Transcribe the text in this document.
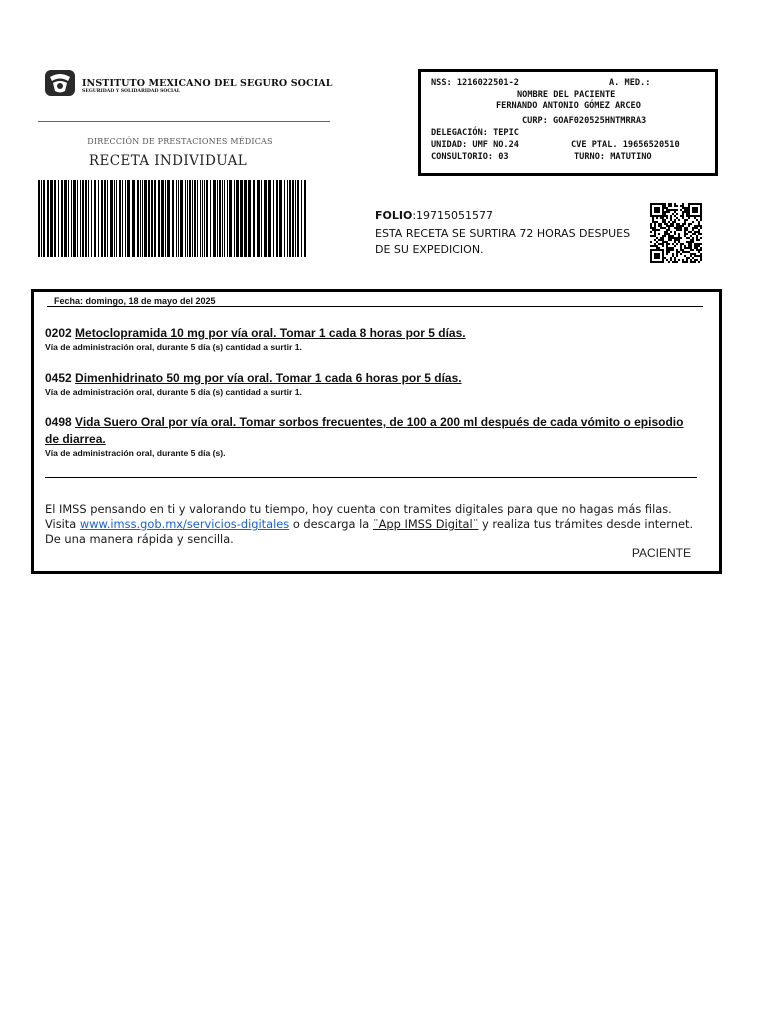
INSTITUTO MEXICANO DEL SEGURO SOCIAL
SEGURIDAD Y SOLIDARIDAD SOCIAL
DIRECCIÓN DE PRESTACIONES MÉDICAS
RECETA INDIVIDUAL
NSS: 1216022501-2	A. MED.:
NOMBRE DEL PACIENTE
FERNANDO ANTONIO GÓMEZ ARCEO
CURP: GOAF020525HNTMRRA3
DELEGACIÓN: TEPIC
UNIDAD: UMF NO.24	CVE PTAL. 19656520510
CONSULTORIO: 03	TURNO: MATUTINO
FOLIO:19715051577
ESTA RECETA SE SURTIRA 72 HORAS DESPUES DE SU EXPEDICION.
Fecha: domingo, 18 de mayo del 2025
0202 Metoclopramida 10 mg por vía oral. Tomar 1 cada 8 horas por 5 días.
Vía de administración oral, durante 5 día (s) cantidad a surtir 1.
0452 Dimenhidrinato 50 mg por vía oral. Tomar 1 cada 6 horas por 5 días.
Vía de administración oral, durante 5 día (s) cantidad a surtir 1.
0498 Vida Suero Oral por vía oral. Tomar sorbos frecuentes, de 100 a 200 ml después de cada vómito o episodio de diarrea.
Vía de administración oral, durante 5 día (s).
El IMSS pensando en ti y valorando tu tiempo, hoy cuenta con tramites digitales para que no hagas más filas. Visita www.imss.gob.mx/servicios-digitales o descarga la ¨App IMSS Digital¨ y realiza tus trámites desde internet. De una manera rápida y sencilla.
PACIENTE
